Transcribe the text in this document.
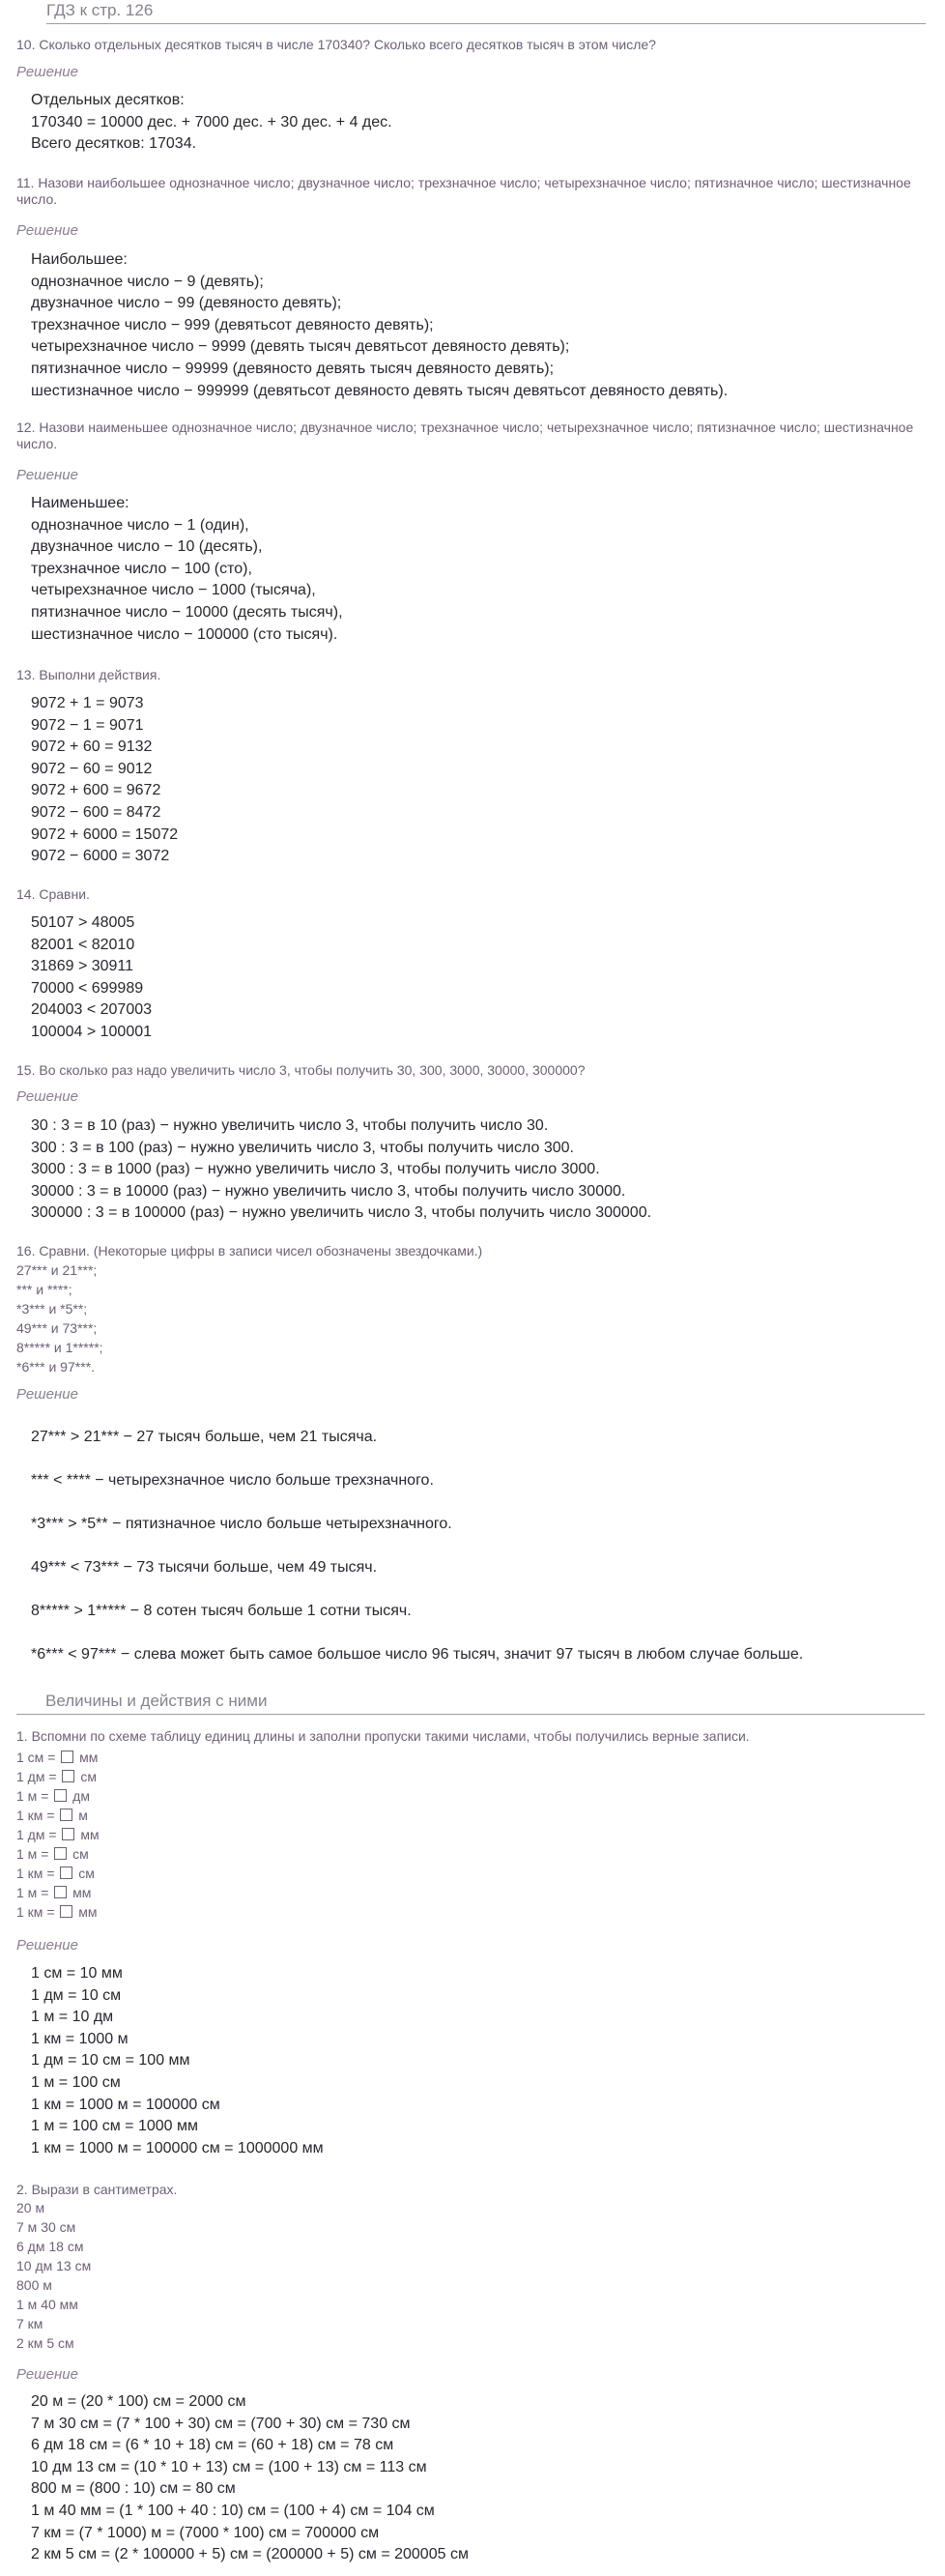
ГДЗ к стр. 126
10. Сколько отдельных десятков тысяч в числе 170340? Сколько всего десятков тысяч в этом числе?
Решение
Отдельных десятков:
170340 = 10000 дес. + 7000 дес. + 30 дес. + 4 дес.
Всего десятков: 17034.
11. Назови наибольшее однозначное число; двузначное число; трехзначное число; четырехзначное число; пятизначное число; шестизначное число.
Решение
Наибольшее:
однозначное число − 9 (девять);
двузначное число − 99 (девяносто девять);
трехзначное число − 999 (девятьсот девяносто девять);
четырехзначное число − 9999 (девять тысяч девятьсот девяносто девять);
пятизначное число − 99999 (девяносто девять тысяч девяносто девять);
шестизначное число − 999999 (девятьсот девяносто девять тысяч девятьсот девяносто девять).
12. Назови наименьшее однозначное число; двузначное число; трехзначное число; четырехзначное число; пятизначное число; шестизначное число.
Решение
Наименьшее:
однозначное число − 1 (один),
двузначное число − 10 (десять),
трехзначное число − 100 (сто),
четырехзначное число − 1000 (тысяча),
пятизначное число − 10000 (десять тысяч),
шестизначное число − 100000 (сто тысяч).
13. Выполни действия.
9072 + 1 = 9073
9072 − 1 = 9071
9072 + 60 = 9132
9072 − 60 = 9012
9072 + 600 = 9672
9072 − 600 = 8472
9072 + 6000 = 15072
9072 − 6000 = 3072
14. Сравни.
50107 > 48005
82001 < 82010
31869 > 30911
70000 < 699989
204003 < 207003
100004 > 100001
15. Во сколько раз надо увеличить число 3, чтобы получить 30, 300, 3000, 30000, 300000?
Решение
30 : 3 = в 10 (раз) − нужно увеличить число 3, чтобы получить число 30.
300 : 3 = в 100 (раз) − нужно увеличить число 3, чтобы получить число 300.
3000 : 3 = в 1000 (раз) − нужно увеличить число 3, чтобы получить число 3000.
30000 : 3 = в 10000 (раз) − нужно увеличить число 3, чтобы получить число 30000.
300000 : 3 = в 100000 (раз) − нужно увеличить число 3, чтобы получить число 300000.
16. Сравни. (Некоторые цифры в записи чисел обозначены звездочками.)
27*** и 21***;
*** и ****;
*3*** и *5**;
49*** и 73***;
8***** и 1*****;
*6*** и 97***.
Решение
27*** > 21*** − 27 тысяч больше, чем 21 тысяча.
*** < **** − четырехзначное число больше трехзначного.
*3*** > *5** − пятизначное число больше четырехзначного.
49*** < 73*** − 73 тысячи больше, чем 49 тысяч.
8***** > 1***** − 8 сотен тысяч больше 1 сотни тысяч.
*6*** < 97*** − слева может быть самое большое число 96 тысяч, значит 97 тысяч в любом случае больше.
Величины и действия с ними
1. Вспомни по схеме таблицу единиц длины и заполни пропуски такими числами, чтобы получились верные записи.
1 см = мм
1 дм = см
1 м = дм
1 км = м
1 дм = мм
1 м = см
1 км = см
1 м = мм
1 км = мм
Решение
1 см = 10 мм
1 дм = 10 см
1 м = 10 дм
1 км = 1000 м
1 дм = 10 см = 100 мм
1 м = 100 см
1 км = 1000 м = 100000 см
1 м = 100 см = 1000 мм
1 км = 1000 м = 100000 см = 1000000 мм
2. Вырази в сантиметрах.
20 м
7 м 30 см
6 дм 18 см
10 дм 13 см
800 м
1 м 40 мм
7 км
2 км 5 см
Решение
20 м = (20 * 100) см = 2000 см
7 м 30 см = (7 * 100 + 30) см = (700 + 30) см = 730 см
6 дм 18 см = (6 * 10 + 18) см = (60 + 18) см = 78 см
10 дм 13 см = (10 * 10 + 13) см = (100 + 13) см = 113 см
800 м = (800 : 10) см = 80 см
1 м 40 мм = (1 * 100 + 40 : 10) см = (100 + 4) см = 104 см
7 км = (7 * 1000) м = (7000 * 100) см = 700000 см
2 км 5 см = (2 * 100000 + 5) см = (200000 + 5) см = 200005 см
